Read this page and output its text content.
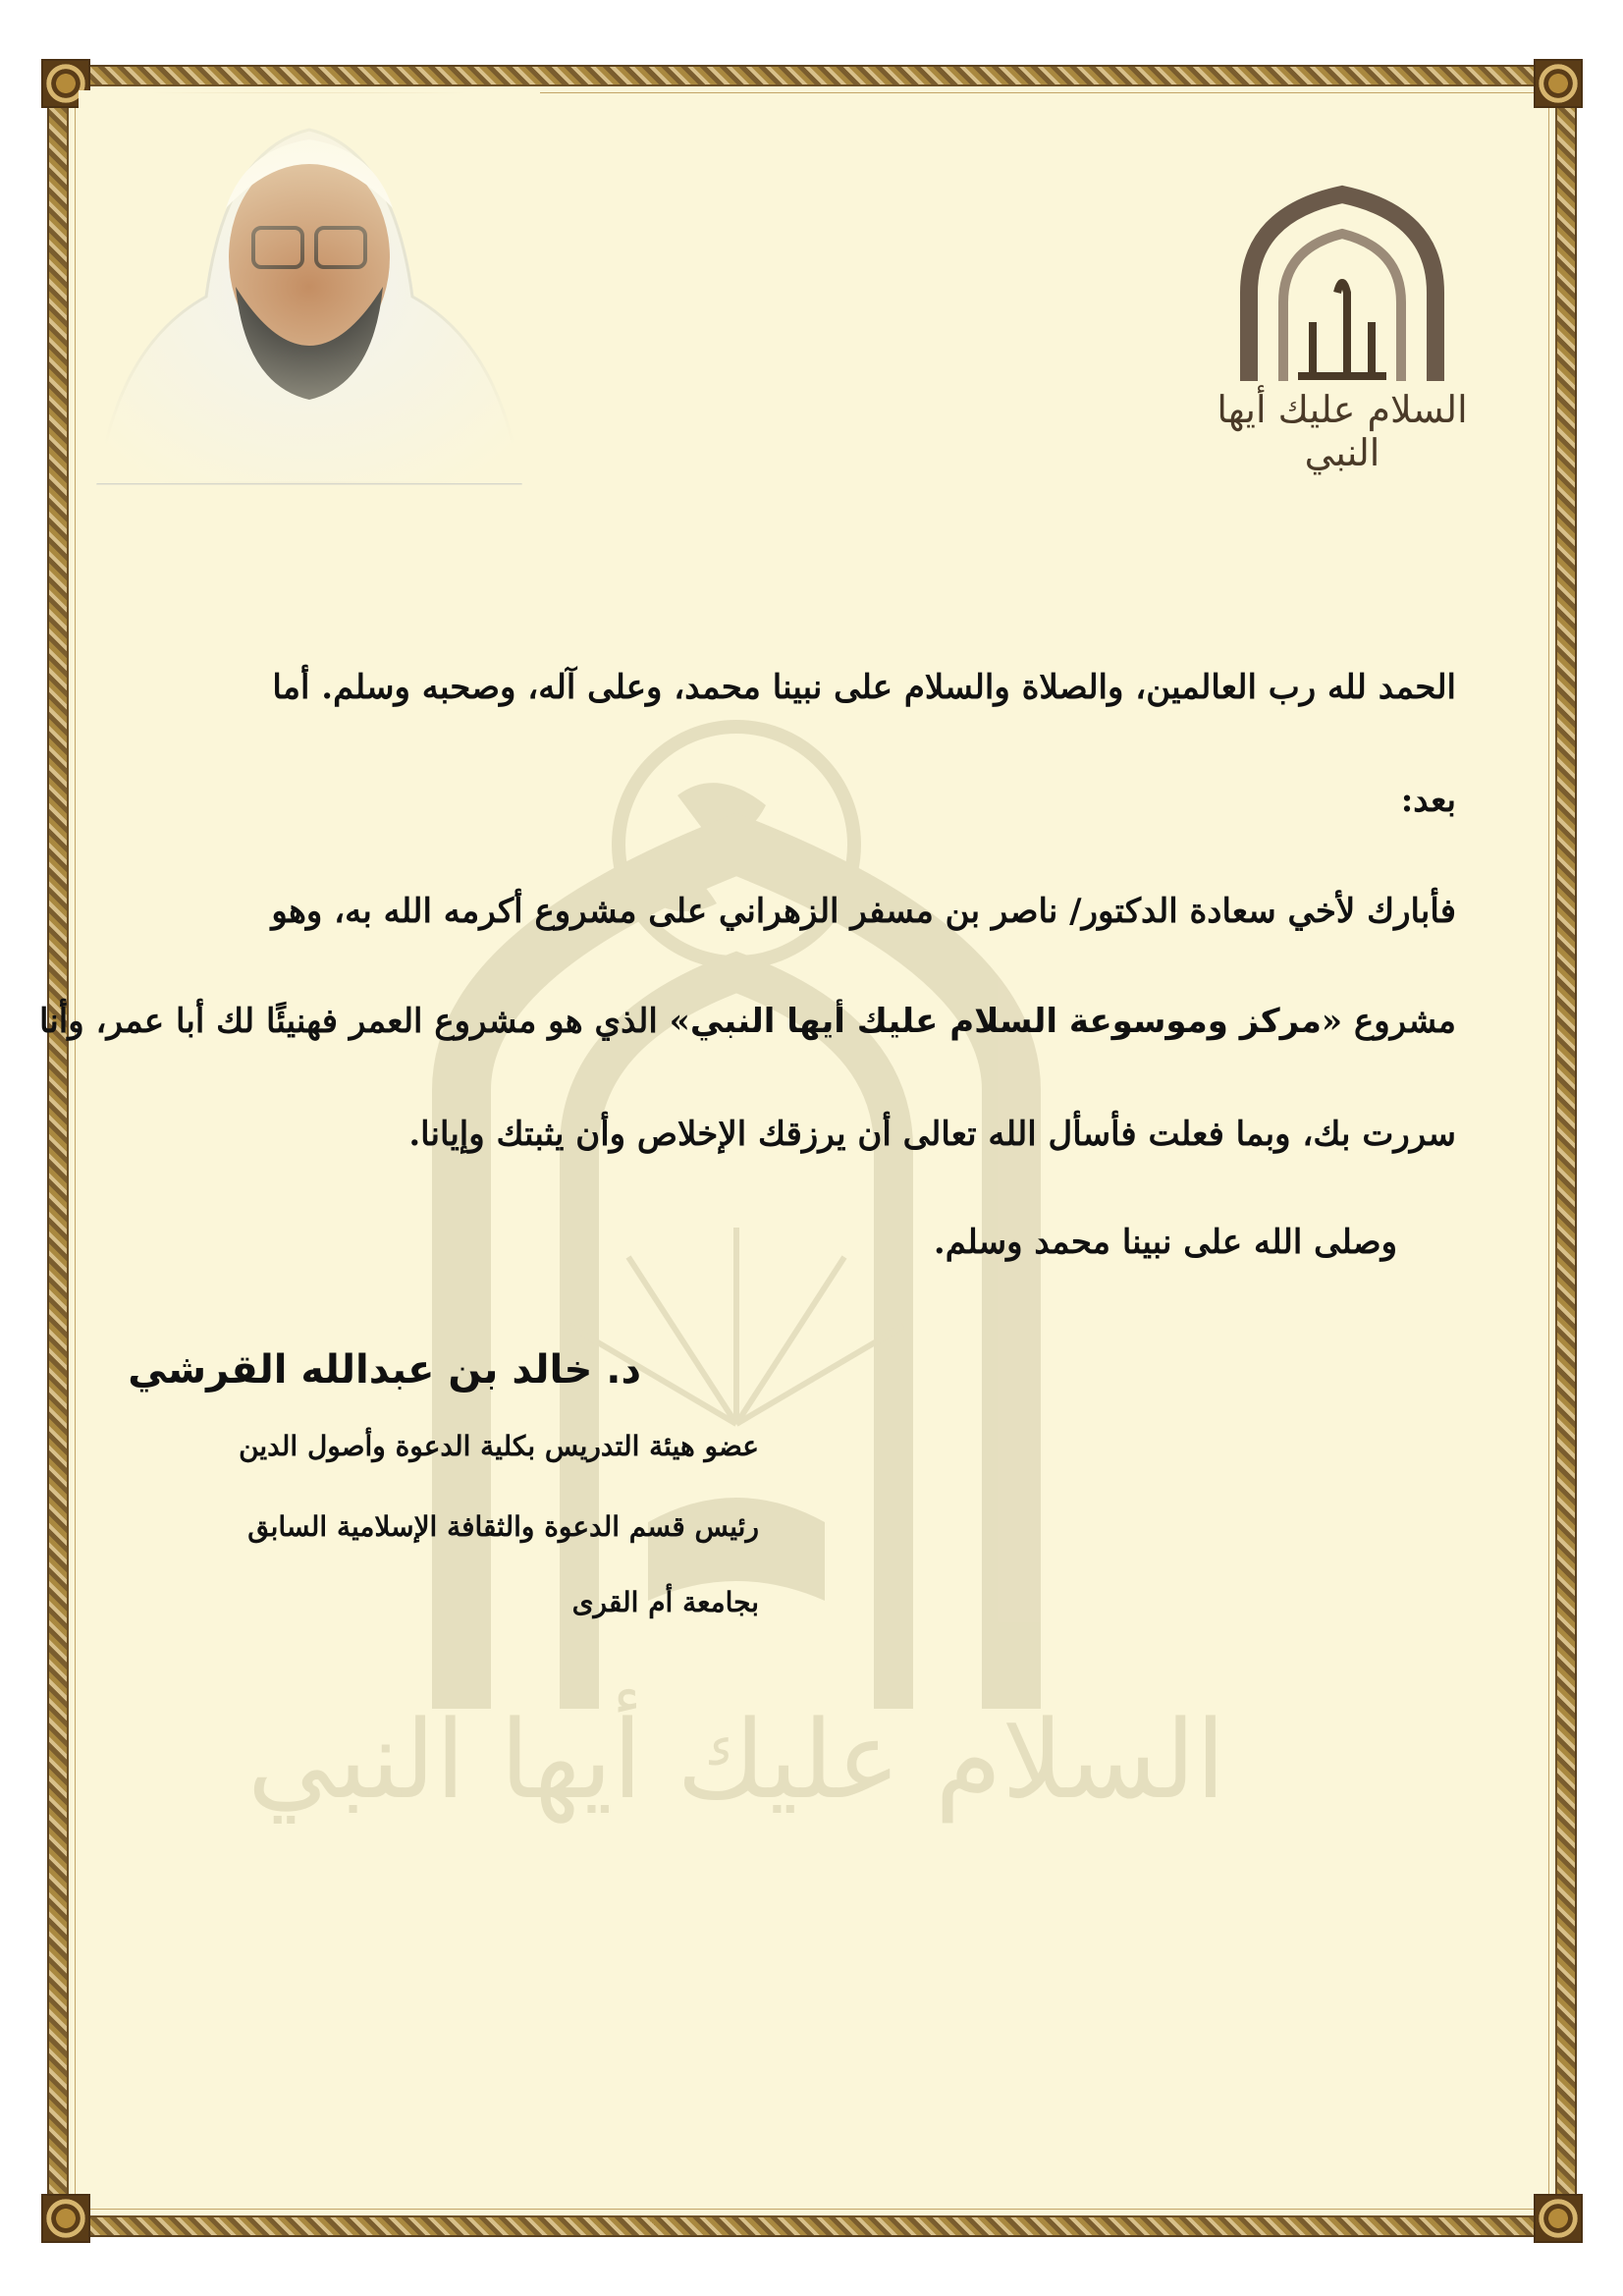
السلام عليك أيها النبي
السلام عليك أيها النبي
الحمد لله رب العالمين، والصلاة والسلام على نبينا محمد، وعلى آله، وصحبه وسلم. أما
بعد:
فأبارك لأخي سعادة الدكتور/ ناصر بن مسفر الزهراني على مشروع أكرمه الله به، وهو
مشروع «مركز وموسوعة السلام عليك أيها النبي» الذي هو مشروع العمر فهنيئًا لك أبا عمر، وأنا
سررت بك، وبما فعلت فأسأل الله تعالى أن يرزقك الإخلاص وأن يثبتك وإيانا.
وصلى الله على نبينا محمد وسلم.
د. خالد بن عبدالله القرشي
عضو هيئة التدريس بكلية الدعوة وأصول الدين
رئيس قسم الدعوة والثقافة الإسلامية السابق
بجامعة أم القرى
